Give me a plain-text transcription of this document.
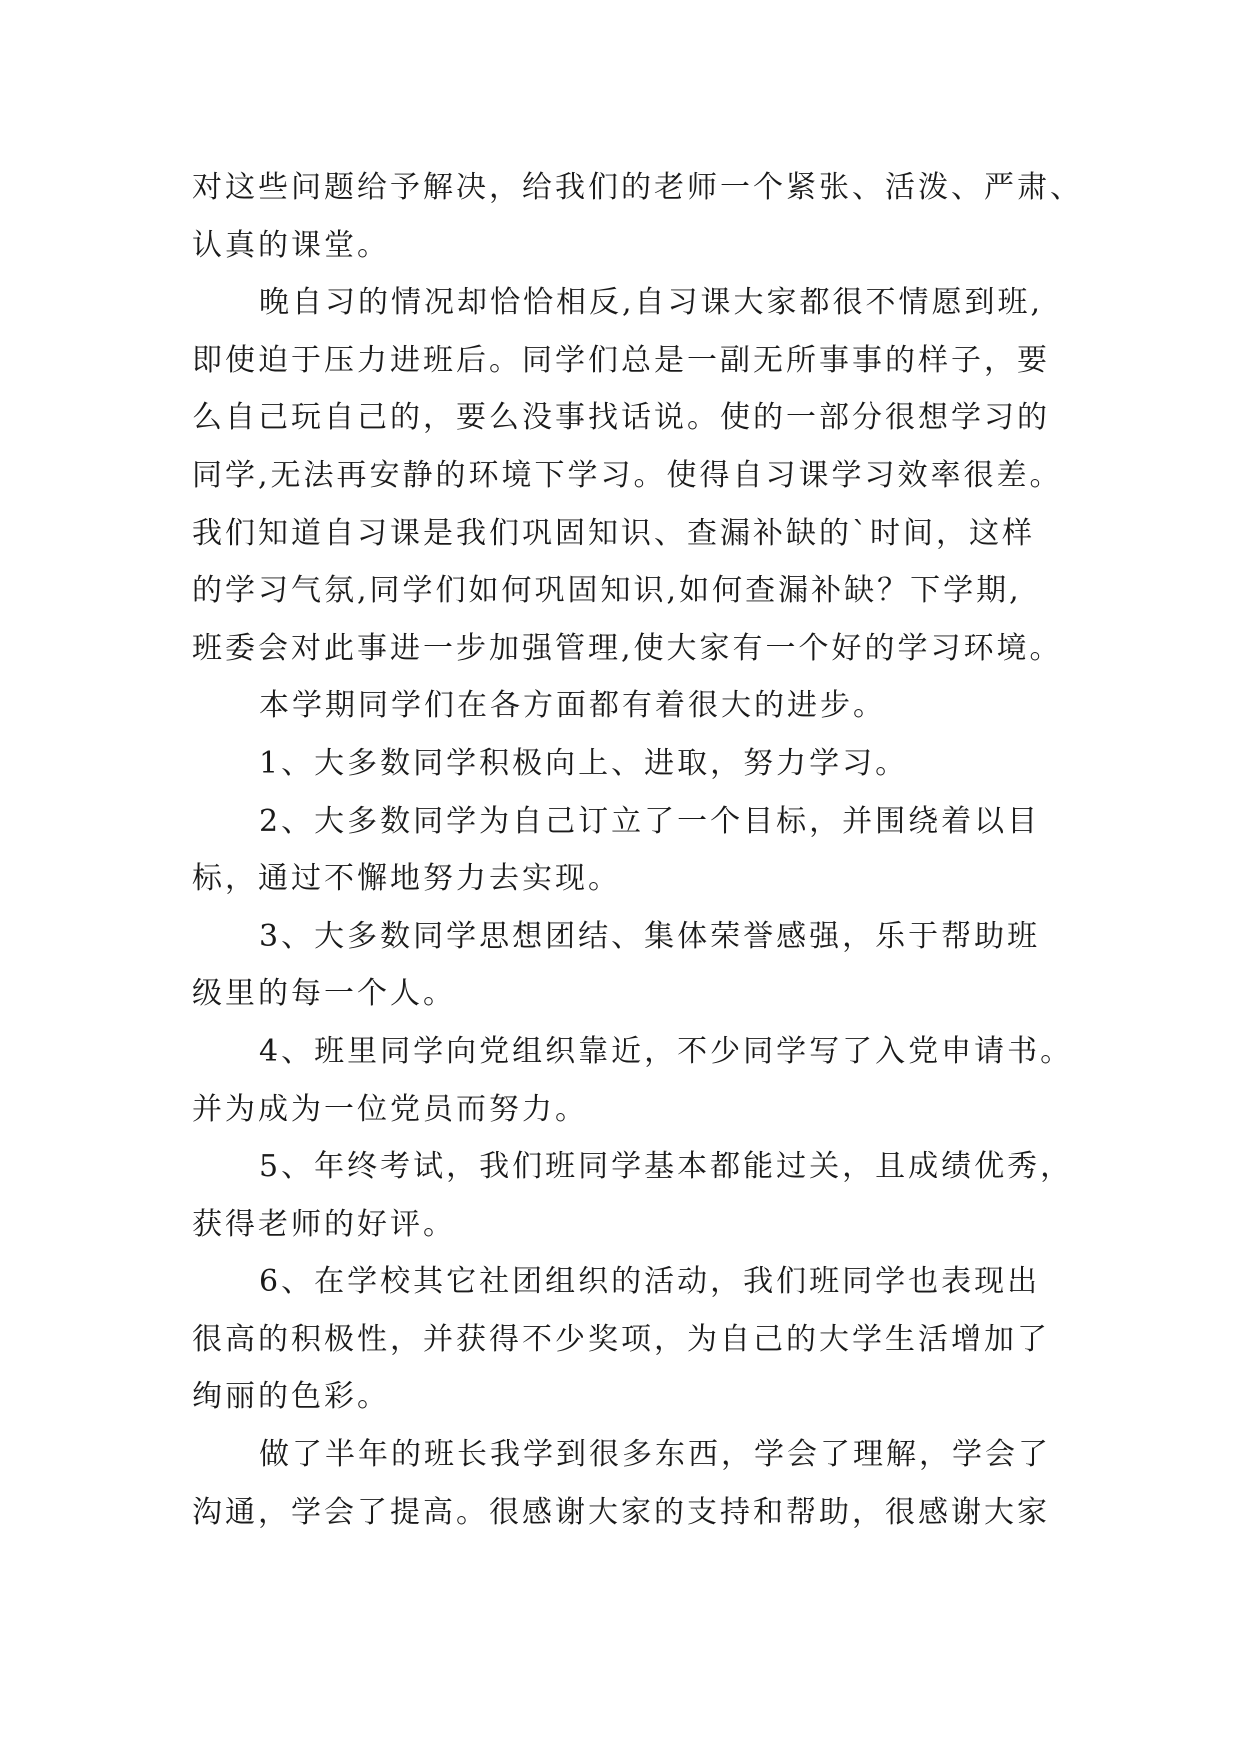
对这些问题给予解决，给我们的老师一个紧张、活泼、严肃、
认真的课堂。
晚自习的情况却恰恰相反,自习课大家都很不情愿到班,
即使迫于压力进班后。同学们总是一副无所事事的样子，要
么自己玩自己的，要么没事找话说。使的一部分很想学习的
同学,无法再安静的环境下学习。使得自习课学习效率很差。
我们知道自习课是我们巩固知识、查漏补缺的`时间，这样
的学习气氛,同学们如何巩固知识,如何查漏补缺？下学期,
班委会对此事进一步加强管理,使大家有一个好的学习环境。
本学期同学们在各方面都有着很大的进步。
1、大多数同学积极向上、进取，努力学习。
2、大多数同学为自己订立了一个目标，并围绕着以目
标，通过不懈地努力去实现。
3、大多数同学思想团结、集体荣誉感强，乐于帮助班
级里的每一个人。
4、班里同学向党组织靠近，不少同学写了入党申请书。
并为成为一位党员而努力。
5、年终考试，我们班同学基本都能过关，且成绩优秀，
获得老师的好评。
6、在学校其它社团组织的活动，我们班同学也表现出
很高的积极性，并获得不少奖项，为自己的大学生活增加了
绚丽的色彩。
做了半年的班长我学到很多东西，学会了理解，学会了
沟通，学会了提高。很感谢大家的支持和帮助，很感谢大家
